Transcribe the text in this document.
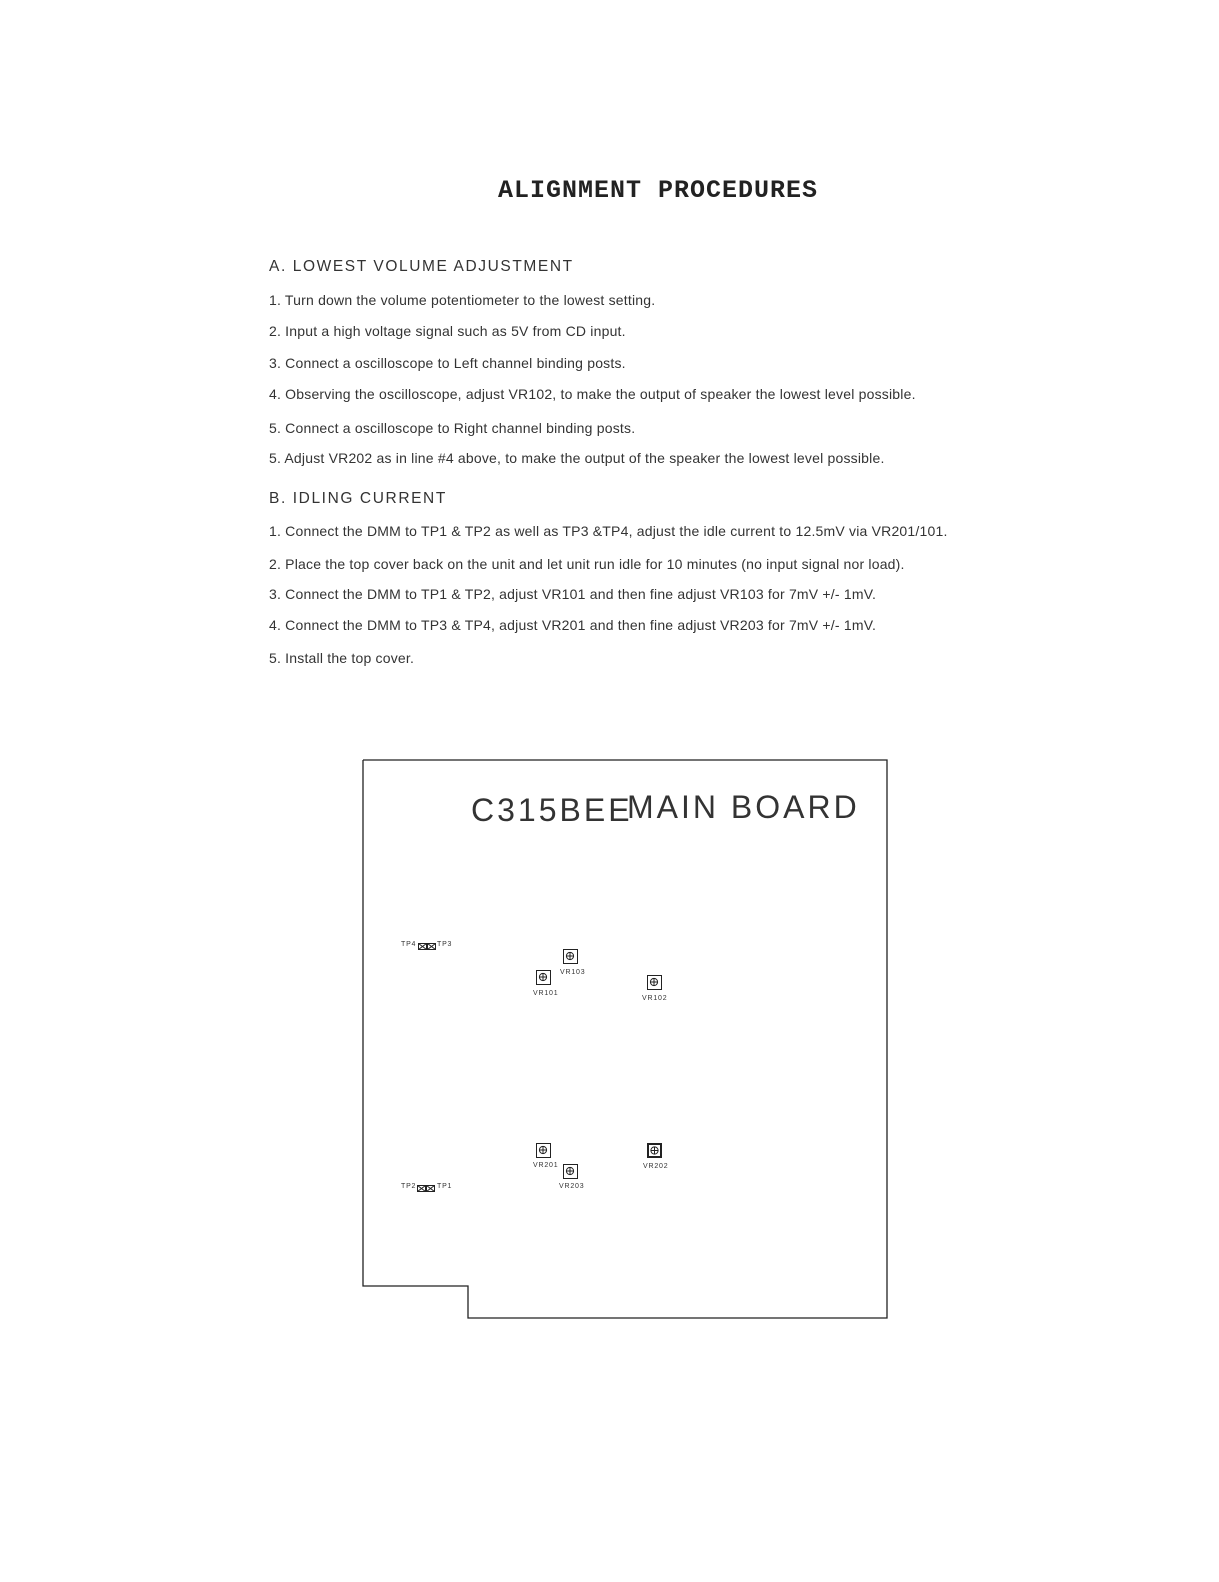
ALIGNMENT PROCEDURES
A. LOWEST VOLUME ADJUSTMENT
1. Turn down the volume potentiometer to the lowest setting.
2. Input a high voltage signal such as 5V from CD input.
3. Connect a oscilloscope to Left channel binding posts.
4. Observing the oscilloscope, adjust VR102, to make the output of speaker the lowest level possible.
5. Connect a oscilloscope to Right channel binding posts.
5. Adjust VR202 as in line #4 above, to make the output of the speaker the lowest level possible.
B. IDLING CURRENT
1. Connect the DMM to TP1 & TP2 as well as TP3 &TP4, adjust the idle current to 12.5mV via VR201/101.
2. Place the top cover back on the unit and let unit run idle for 10 minutes (no input signal nor load).
3. Connect the DMM to TP1 & TP2, adjust VR101 and then fine adjust VR103 for 7mV +/- 1mV.
4. Connect the DMM to TP3 & TP4, adjust VR201 and then fine adjust VR203 for 7mV +/- 1mV.
5. Install the top cover.
C315BEE
MAIN BOARD
TP4	TP3
TP2	TP1
VR103
VR101
VR102
VR201
VR203
VR202
